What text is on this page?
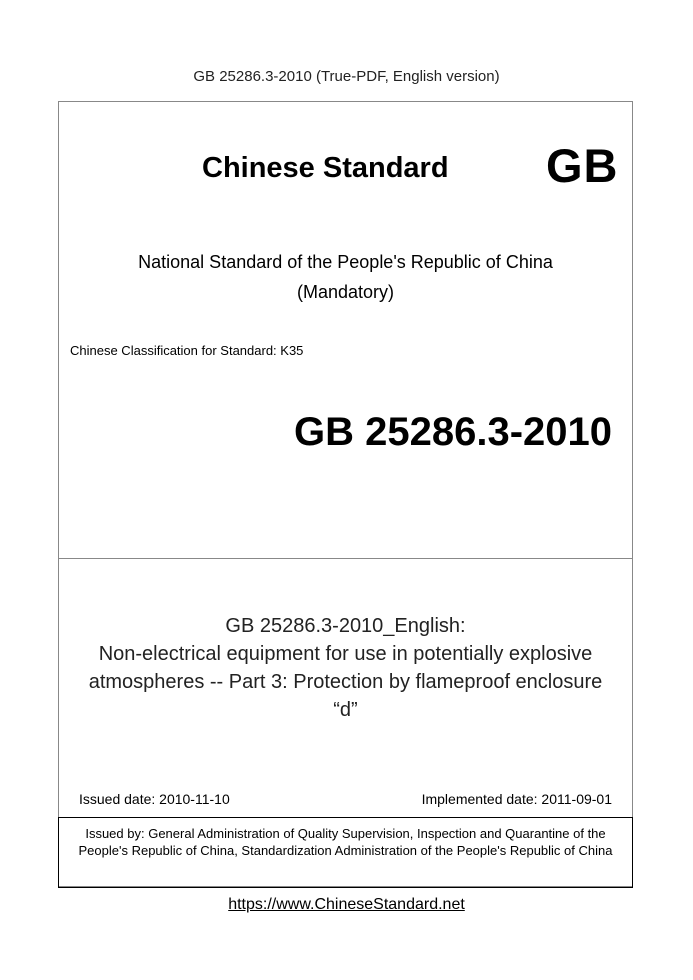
GB 25286.3-2010 (True-PDF, English version)
Chinese Standard GB
National Standard of the People's Republic of China
(Mandatory)
Chinese Classification for Standard: K35
GB 25286.3-2010
GB 25286.3-2010_English:
Non-electrical equipment for use in potentially explosive
atmospheres -- Part 3: Protection by flameproof enclosure
“d”
Issued date: 2010-11-10	Implemented date: 2011-09-01
Issued by: General Administration of Quality Supervision, Inspection and Quarantine of the People's Republic of China, Standardization Administration of the People's Republic of China
https://www.ChineseStandard.net
